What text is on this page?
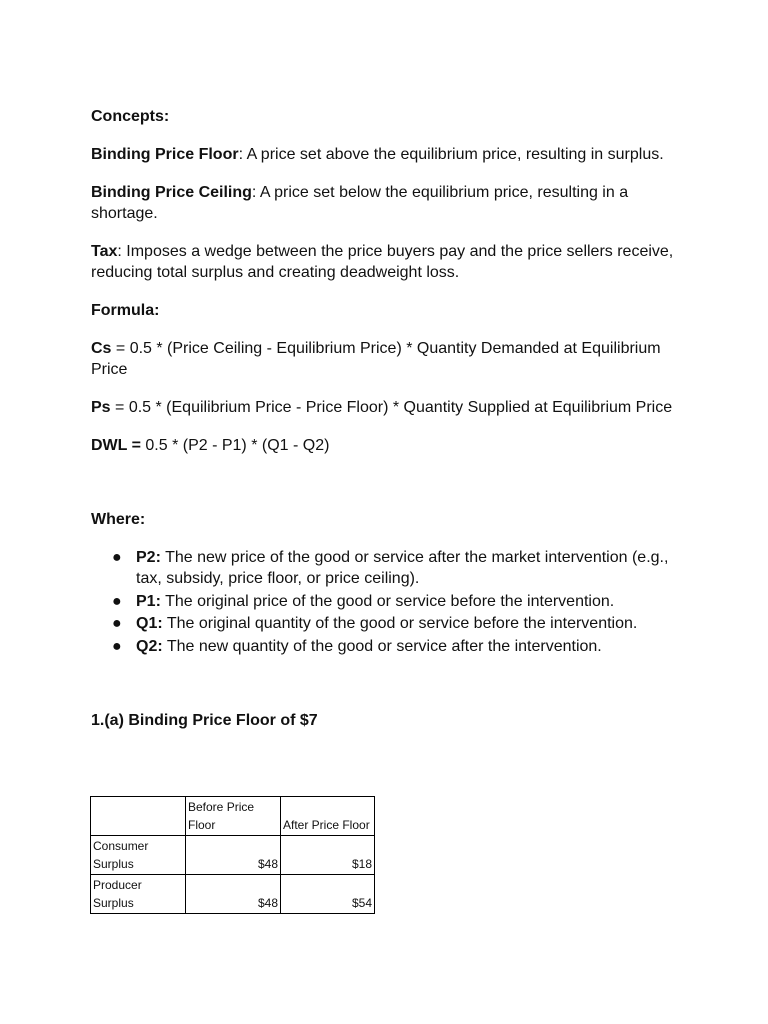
Concepts:

Binding Price Floor: A price set above the equilibrium price, resulting in surplus.

Binding Price Ceiling: A price set below the equilibrium price, resulting in a shortage.

Tax: Imposes a wedge between the price buyers pay and the price sellers receive, reducing total surplus and creating deadweight loss.

Formula:

Cs = 0.5 * (Price Ceiling - Equilibrium Price) * Quantity Demanded at Equilibrium Price

Ps = 0.5 * (Equilibrium Price - Price Floor) * Quantity Supplied at Equilibrium Price

DWL = 0.5 * (P2 - P1) * (Q1 - Q2)

Where:

● P2: The new price of the good or service after the market intervention (e.g., tax, subsidy, price floor, or price ceiling).
● P1: The original price of the good or service before the intervention.
● Q1: The original quantity of the good or service before the intervention.
● Q2: The new quantity of the good or service after the intervention.

1.(a) Binding Price Floor of $7

	Before Price Floor	After Price Floor
Consumer Surplus	$48	$18
Producer Surplus	$48	$54
